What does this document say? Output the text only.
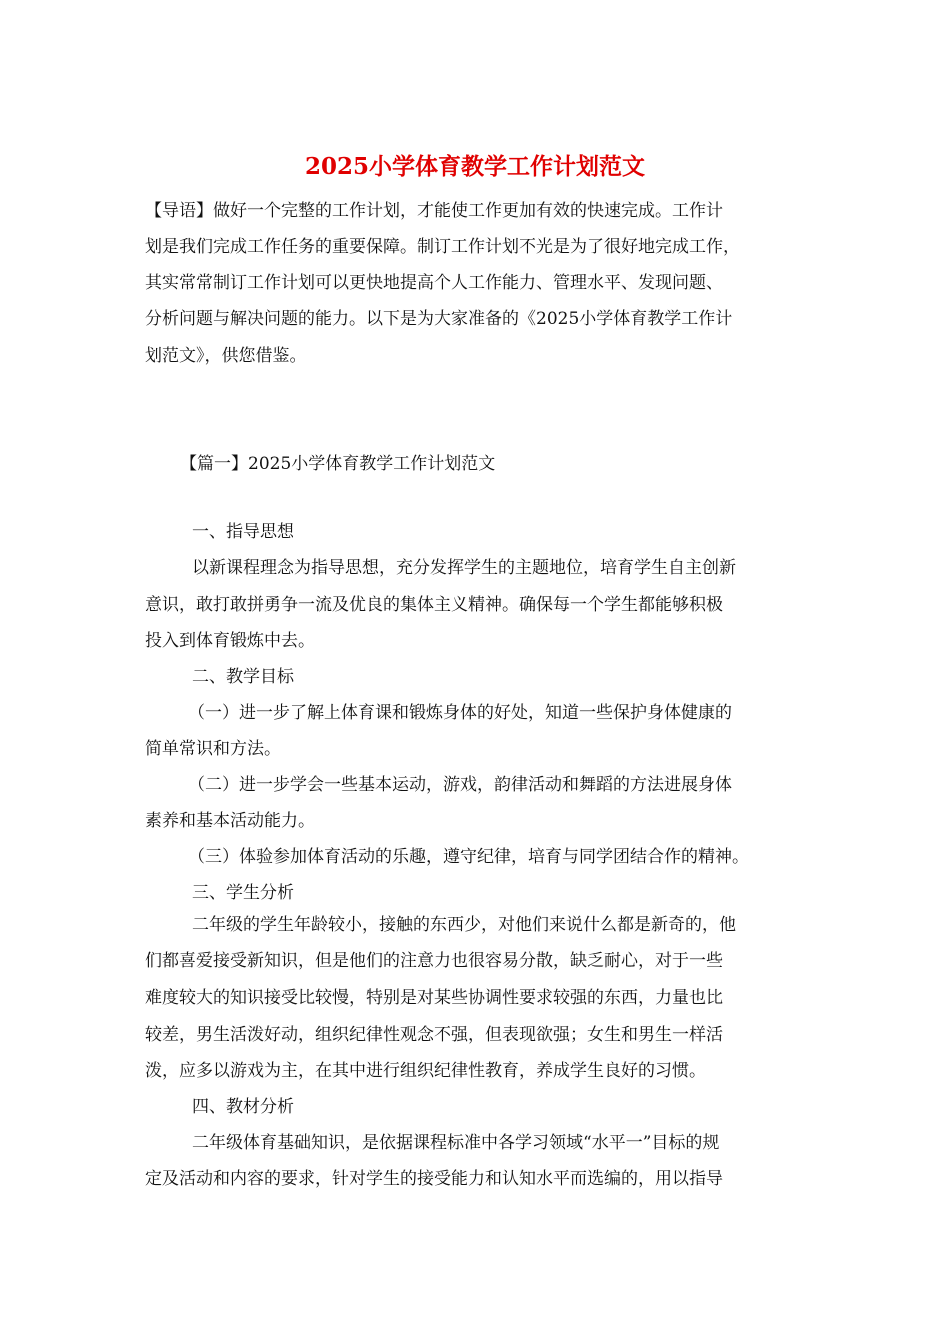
2025小学体育教学工作计划范文
【导语】做好一个完整的工作计划，才能使工作更加有效的快速完成。工作计
划是我们完成工作任务的重要保障。制订工作计划不光是为了很好地完成工作，
其实常常制订工作计划可以更快地提高个人工作能力、管理水平、发现问题、
分析问题与解决问题的能力。以下是为大家准备的《2025小学体育教学工作计
划范文》，供您借鉴。
【篇一】2025小学体育教学工作计划范文
一、指导思想
以新课程理念为指导思想，充分发挥学生的主题地位，培育学生自主创新
意识，敢打敢拼勇争一流及优良的集体主义精神。确保每一个学生都能够积极
投入到体育锻炼中去。
二、教学目标
（一）进一步了解上体育课和锻炼身体的好处，知道一些保护身体健康的
简单常识和方法。
（二）进一步学会一些基本运动，游戏，韵律活动和舞蹈的方法进展身体
素养和基本活动能力。
（三）体验参加体育活动的乐趣，遵守纪律，培育与同学团结合作的精神。
三、学生分析
二年级的学生年龄较小，接触的东西少，对他们来说什么都是新奇的，他
们都喜爱接受新知识，但是他们的注意力也很容易分散，缺乏耐心，对于一些
难度较大的知识接受比较慢，特别是对某些协调性要求较强的东西，力量也比
较差，男生活泼好动，组织纪律性观念不强，但表现欲强；女生和男生一样活
泼，应多以游戏为主，在其中进行组织纪律性教育，养成学生良好的习惯。
四、教材分析
二年级体育基础知识，是依据课程标准中各学习领域“水平一”目标的规
定及活动和内容的要求，针对学生的接受能力和认知水平而选编的，用以指导
